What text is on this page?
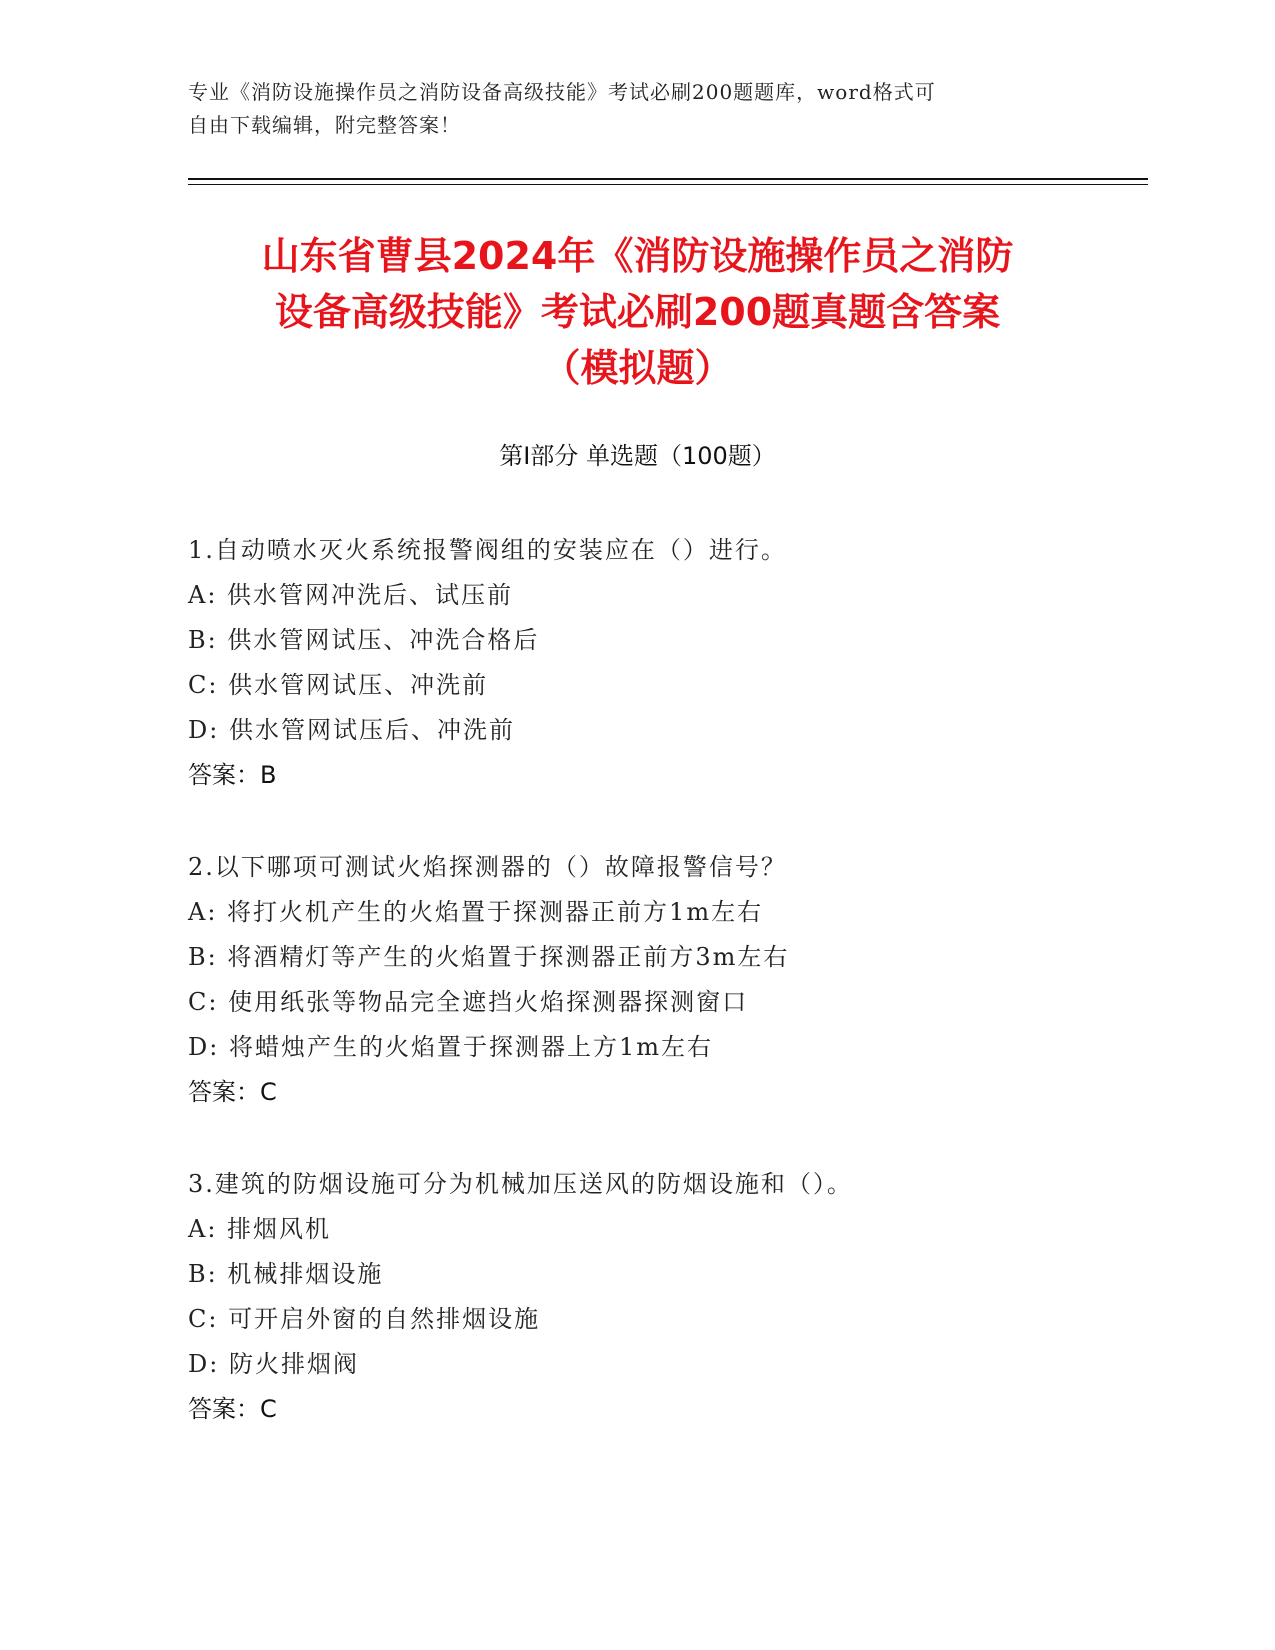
专业《消防设施操作员之消防设备高级技能》考试必刷200题题库，word格式可
自由下载编辑，附完整答案！
山东省曹县2024年《消防设施操作员之消防
设备高级技能》考试必刷200题真题含答案
（模拟题）
第Ⅰ部分 单选题（100题）
1.自动喷水灭火系统报警阀组的安装应在（）进行。
A: 供水管网冲洗后、试压前
B: 供水管网试压、冲洗合格后
C: 供水管网试压、冲洗前
D: 供水管网试压后、冲洗前
答案：B
2.以下哪项可测试火焰探测器的（）故障报警信号？
A: 将打火机产生的火焰置于探测器正前方1m左右
B: 将酒精灯等产生的火焰置于探测器正前方3m左右
C: 使用纸张等物品完全遮挡火焰探测器探测窗口
D: 将蜡烛产生的火焰置于探测器上方1m左右
答案：C
3.建筑的防烟设施可分为机械加压送风的防烟设施和（）。
A: 排烟风机
B: 机械排烟设施
C: 可开启外窗的自然排烟设施
D: 防火排烟阀
答案：C
